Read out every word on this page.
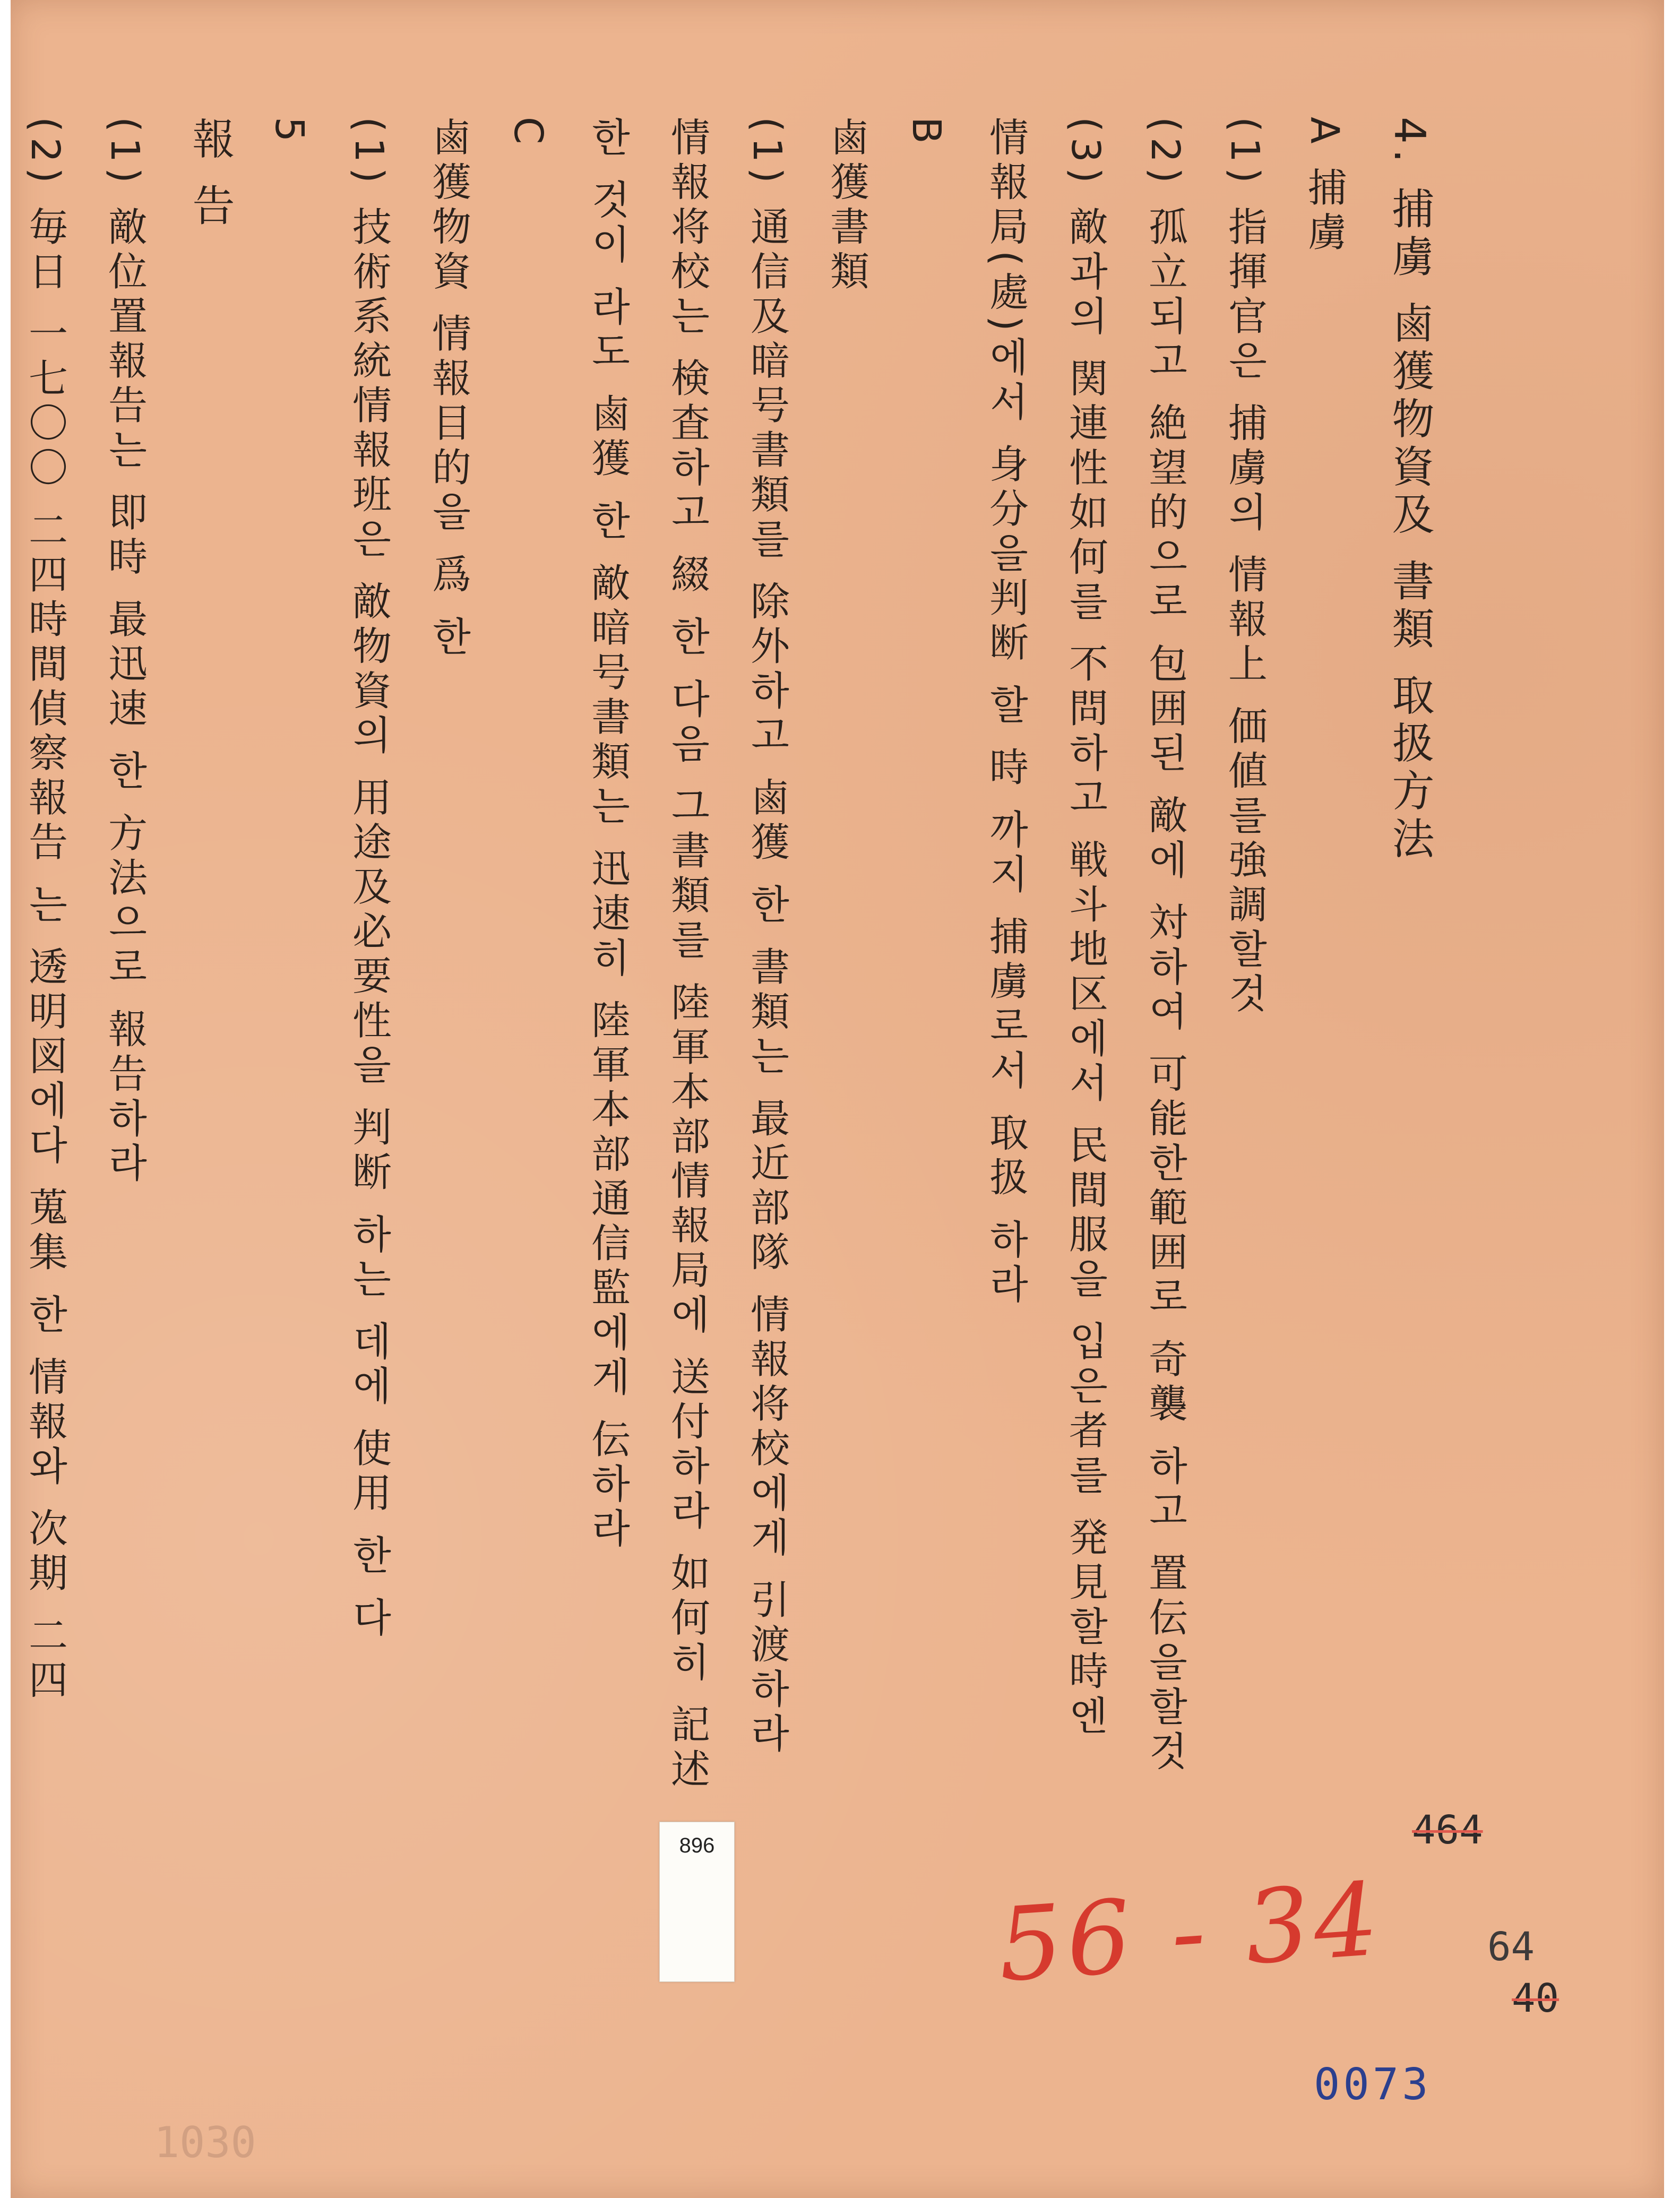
4. 捕虜 鹵獲物資及 書類 取扱方法
A 捕虜
(1) 指揮官은 捕虜의 情報上 価値를強調할것
(2) 孤立되고 絶望的으로 包囲된 敵에 対하여 可能한範囲로 奇襲 하고 置伝을할것
(3) 敵과의 関連性如何를 不問하고 戦斗地区에서 民間服을 입은者를 発見할時엔
情報局(處)에서 身分을判断 할 時 까지 捕虜로서 取扱 하라
B
鹵獲書類
(1) 通信及暗号書類를 除外하고 鹵獲 한 書類는 最近部隊 情報将校에게 引渡하라
情報将校는 検査하고 綴 한 다음 그書類를 陸軍本部情報局에 送付하라 如何히 記述
한 것이 라도 鹵獲 한 敵暗号書類는 迅速히 陸軍本部通信監에게 伝하라
C
鹵獲物資 情報目的을 爲 한
(1) 技術系統情報班은 敵物資의 用途及必要性을 判断 하는 데에 使用 한 다
5
報 告
(1) 敵位置報告는 即時 最迅速 한 方法으로 報告하라
(2) 毎日 一七〇〇 二四時間偵察報告 는 透明図에다 蒐集 한 情報와 次期 二四
896	464
64
40
0073
56 - 34
1030
